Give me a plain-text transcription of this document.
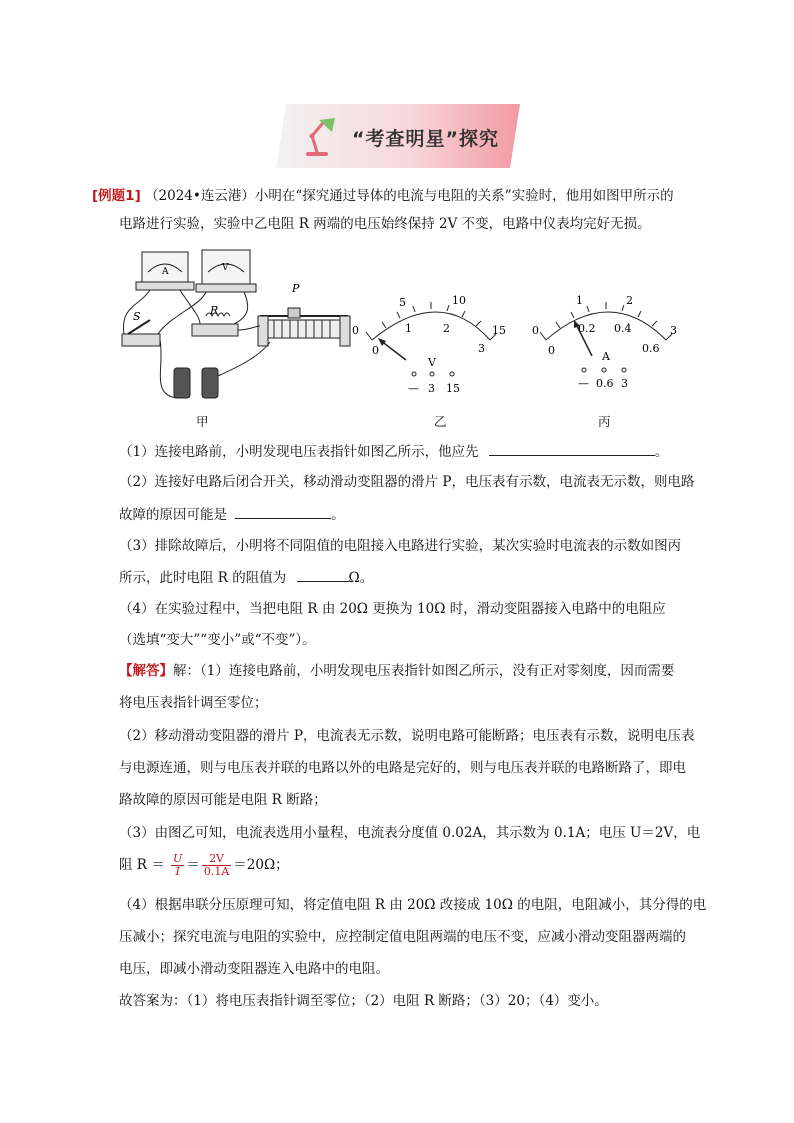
“考查明星”探究
[例题1] （2024•连云港）小明在“探究通过导体的电流与电阻的关系”实验时，他用如图甲所示的
电路进行实验，实验中乙电阻 R 两端的电压始终保持 2V 不变，电路中仪表均完好无损。
S	R
P
A	V
0
5	10
15
0
1	2
3
V
— 3 15
0
1	2
3
0
0.2 0.4
0.6
A
— 0.6 3
甲	乙	丙
（1）连接电路前，小明发现电压表指针如图乙所示，他应先	。
（2）连接好电路后闭合开关，移动滑动变阻器的滑片 P，电压表有示数，电流表无示数，则电路
故障的原因可能是	。
（3）排除故障后，小明将不同阻值的电阻接入电路进行实验，某次实验时电流表的示数如图丙
所示，此时电阻 R 的阻值为	Ω。
（4）在实验过程中，当把电阻 R 由 20Ω 更换为 10Ω 时，滑动变阻器接入电路中的电阻应
（选填“变大”“变小”或“不变”）。
【解答】解：（1）连接电路前，小明发现电压表指针如图乙所示，没有正对零刻度，因而需要
将电压表指针调至零位；
（2）移动滑动变阻器的滑片 P，电流表无示数，说明电路可能断路；电压表有示数，说明电压表
与电源连通，则与电压表并联的电路以外的电路是完好的，则与电压表并联的电路断路了，即电
路故障的原因可能是电阻 R 断路；
（3）由图乙可知，电流表选用小量程，电流表分度值 0.02A，其示数为 0.1A；电压 U＝2V，电
阻 $R = \frac{U}{I} = \frac{2V}{0.1A} =20\Omega$；
（4）根据串联分压原理可知，将定值电阻 R 由 20Ω 改接成 10Ω 的电阻，电阻减小，其分得的电
压减小；探究电流与电阻的实验中，应控制定值电阻两端的电压不变，应减小滑动变阻器两端的
电压，即减小滑动变阻器连入电路中的电阻。
故答案为：（1）将电压表指针调至零位；（2）电阻 R 断路；（3）20；（4）变小。
